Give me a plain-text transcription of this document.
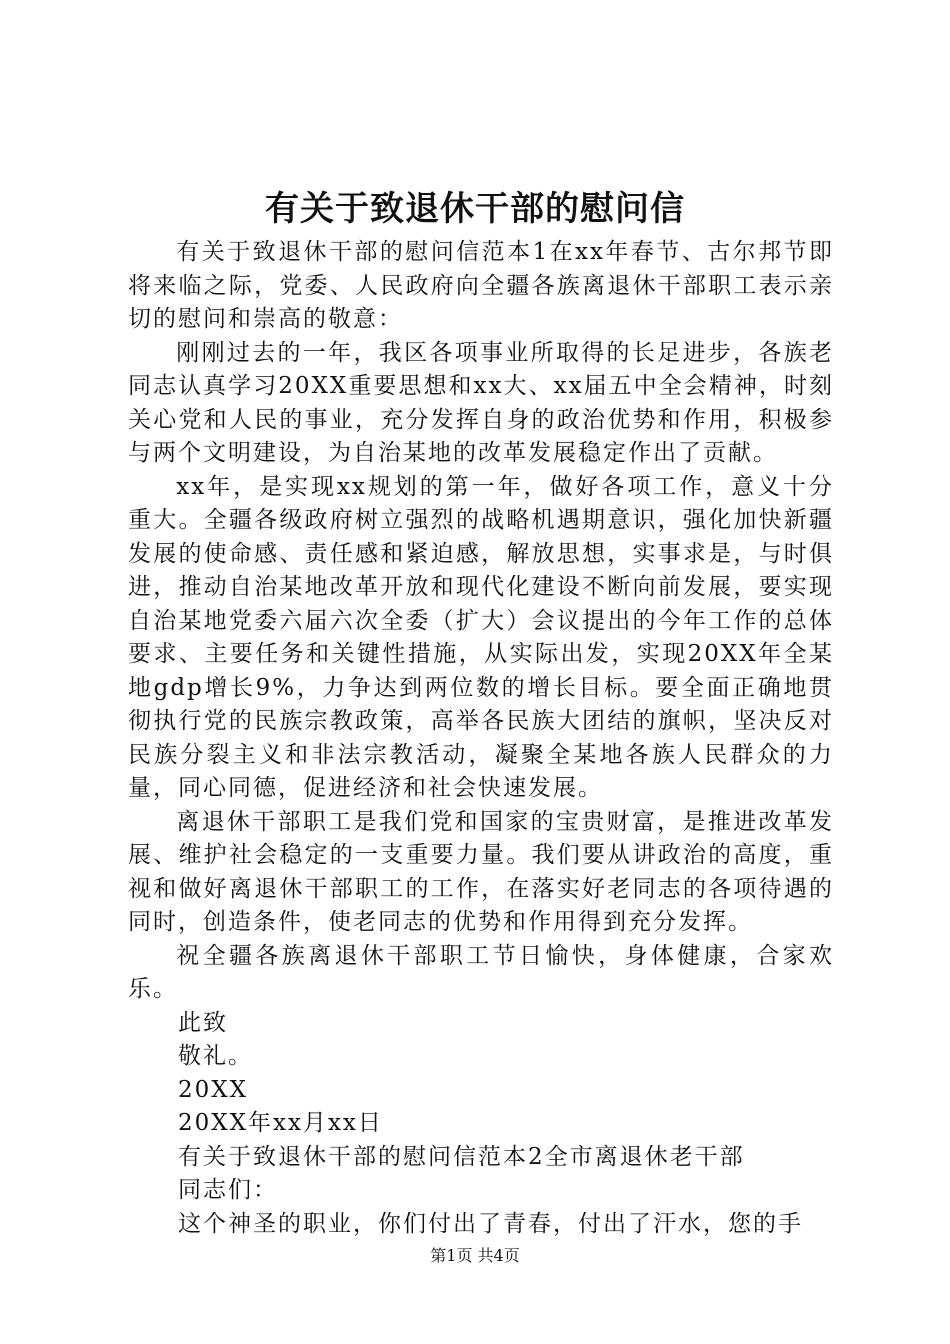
有关于致退休干部的慰问信

有关于致退休干部的慰问信范本1在xx年春节、古尔邦节即将来临之际，党委、人民政府向全疆各族离退休干部职工表示亲切的慰问和崇高的敬意：

刚刚过去的一年，我区各项事业所取得的长足进步，各族老同志认真学习20XX重要思想和xx大、xx届五中全会精神，时刻关心党和人民的事业，充分发挥自身的政治优势和作用，积极参与两个文明建设，为自治某地的改革发展稳定作出了贡献。

xx年，是实现xx规划的第一年，做好各项工作，意义十分重大。全疆各级政府树立强烈的战略机遇期意识，强化加快新疆发展的使命感、责任感和紧迫感，解放思想，实事求是，与时俱进，推动自治某地改革开放和现代化建设不断向前发展，要实现自治某地党委六届六次全委（扩大）会议提出的今年工作的总体要求、主要任务和关键性措施，从实际出发，实现20XX年全某地gdp增长9%，力争达到两位数的增长目标。要全面正确地贯彻执行党的民族宗教政策，高举各民族大团结的旗帜，坚决反对民族分裂主义和非法宗教活动，凝聚全某地各族人民群众的力量，同心同德，促进经济和社会快速发展。

离退休干部职工是我们党和国家的宝贵财富，是推进改革发展、维护社会稳定的一支重要力量。我们要从讲政治的高度，重视和做好离退休干部职工的工作，在落实好老同志的各项待遇的同时，创造条件，使老同志的优势和作用得到充分发挥。

祝全疆各族离退休干部职工节日愉快，身体健康，合家欢乐。

此致

敬礼。

20XX

20XX年xx月xx日

有关于致退休干部的慰问信范本2全市离退休老干部

同志们：

这个神圣的职业，你们付出了青春，付出了汗水，您的手

第1页 共4页
